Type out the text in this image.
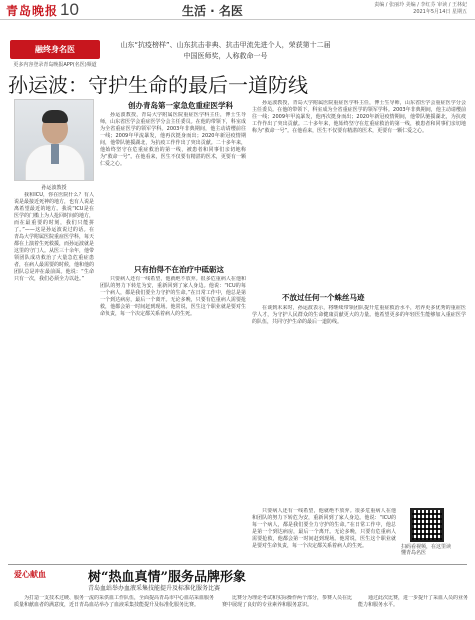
青岛晚报 10	生活 · 名医	责编 / 张丽玲 美编 / 李红芬 审读 / 王林妃
2021年5月14日 星期五
融终身名医
更多内容登录青岛晚报APP(名医)频道
山东“抗疫榜样”、山东抗击非典、抗击甲流先进个人，荣获第十二届中国医师奖，人称救命一号
孙运波：守护生命的最后一道防线
孙运波教授

我和ICU，你在医院什么？有人说是最接近死神的地方，也有人说是离希望最近的地方。我说“ICU是在医学的门槛上为人抢回时间的地方，而在最重要的时刻，我们只能拼了。”——这是孙运波说过的话。在青岛大学附属医院重症医学科，每天都在上演着生死救援，而孙运波就是这里的守门人。从医三十余年，他带领团队成功救治了大量急危重症患者，在病人最需要的时候，他和他的团队总是冲在最前面。他说：“生命只有一次，我们必须全力以赴。”

创办青岛第一家急危重症医学科

孙运波教授，青岛大学附属医院重症医学科主任，博士生导师，山东省医学会重症医学分会主任委员。在他的带领下，科室成为全省重症医学的领军学科。2003年非典期间，他主动请缨前往一线；2009年甲流暴发，他再次挺身而出；2020年新冠疫情期间，他带队驰援湖北，为抗疫工作作出了突出贡献。二十多年来，他始终坚守在危重症救治的第一线，被患者和同事们亲切地称为“救命一号”。在他看来，医生不仅要有精湛的医术，更要有一颗仁爱之心。

只有抬得不在治疗中砥砺这

只要病人还有一线希望，他就绝不放弃。很多危重病人在他和团队的努力下转危为安，重新回到了家人身边。他说：“ICU的每一个病人，都是我们要全力守护的生命。”在日常工作中，他总是第一个到达病房，最后一个离开。无论多晚，只要有危重病人需要抢救，他都会第一时间赶到现场。他常说，医生这个职业就是要对生命负责，每一个决定都关系着病人的生死。

孙运波教授，青岛大学附属医院重症医学科主任，博士生导师，山东省医学会重症医学分会主任委员。在他的带领下，科室成为全省重症医学的领军学科。2003年非典期间，他主动请缨前往一线；2009年甲流暴发，他再次挺身而出；2020年新冠疫情期间，他带队驰援湖北，为抗疫工作作出了突出贡献。二十多年来，他始终坚守在危重症救治的第一线，被患者和同事们亲切地称为“救命一号”。在他看来，医生不仅要有精湛的医术，更要有一颗仁爱之心。

不放过任何一个蛛丝马迹

在谈到未来时，孙运波表示，将继续带领团队提升危重症救治水平，培养更多优秀的重症医学人才，为守护人民群众的生命健康贡献更大的力量。他希望更多的年轻医生能够加入重症医学的队伍，共同守护生命的最后一道防线。

只要病人还有一线希望，他就绝不放弃。很多危重病人在他和团队的努力下转危为安，重新回到了家人身边。他说：“ICU的每一个病人，都是我们要全力守护的生命。”在日常工作中，他总是第一个到达病房，最后一个离开。无论多晚，只要有危重病人需要抢救，他都会第一时间赶到现场。他常说，医生这个职业就是要对生命负责，每一个决定都关系着病人的生死。	扫码看视频，在这里读懂青岛名医
爱心献血	树“热血真情”服务品牌形象
青岛血站举办血液采集技能提升及标准化服务比赛

为打造一支技术过硬、服务一流的采供血工作队伍，全面提高青岛市中心血站采血服务质量和献血者的满意度，近日青岛血站举办了血液采集技能提升及标准化服务比赛。

比赛分为理论考试和实际操作两个部分，参赛人员在比赛中展现了良好的专业素养和服务意识。

通过此次比赛，进一步提升了采血人员的业务能力和服务水平。
